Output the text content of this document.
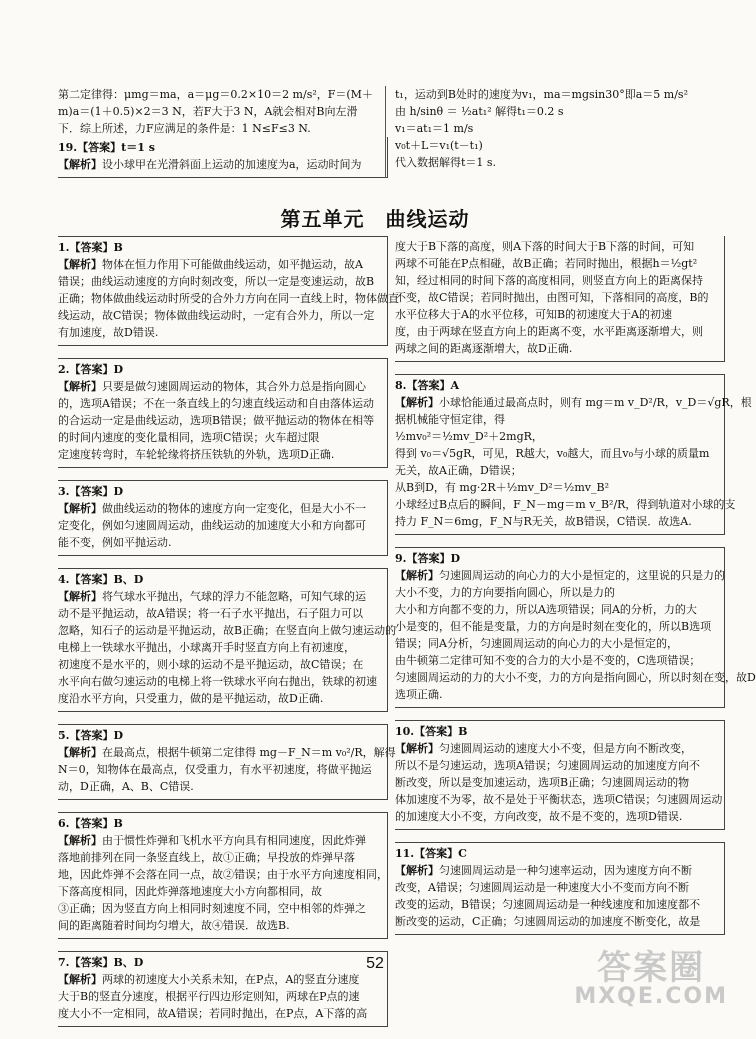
第二定律得：μmg＝ma，a＝μg＝0.2×10＝2 m/s²，F＝(M＋
m)a＝(1＋0.5)×2＝3 N，若F大于3 N，A就会相对B向左滑
下．综上所述，力F应满足的条件是：1 N≤F≤3 N.
19.【答案】t＝1 s
【解析】设小球甲在光滑斜面上运动的加速度为a，运动时间为
t₁，运动到B处时的速度为v₁，ma＝mgsin30°即a＝5 m/s²
由 h/sinθ ＝ ½at₁² 解得t₁＝0.2 s
v₁＝at₁＝1 m/s
v₀t＋L＝v₁(t－t₁)
代入数据解得t＝1 s.
第五单元　曲线运动
1.【答案】B
【解析】物体在恒力作用下可能做曲线运动，如平抛运动，故A
错误；曲线运动速度的方向时刻改变，所以一定是变速运动，故B
正确；物体做曲线运动时所受的合外力方向在同一直线上时，物体做直
线运动，故C错误；物体做曲线运动时，一定有合外力，所以一定
有加速度，故D错误.
2.【答案】D
【解析】只要是做匀速圆周运动的物体，其合外力总是指向圆心
的，选项A错误；不在一条直线上的匀速直线运动和自由落体运动
的合运动一定是曲线运动，选项B错误；做平抛运动的物体在相等
的时间内速度的变化量相同，选项C错误；火车超过限
定速度转弯时，车轮轮缘将挤压铁轨的外轨，选项D正确.
3.【答案】D
【解析】做曲线运动的物体的速度方向一定变化，但是大小不一
定变化，例如匀速圆周运动，曲线运动的加速度大小和方向都可
能不变，例如平抛运动.
4.【答案】B、D
【解析】将气球水平抛出，气球的浮力不能忽略，可知气球的运
动不是平抛运动，故A错误；将一石子水平抛出，石子阻力可以
忽略，知石子的运动是平抛运动，故B正确；在竖直向上做匀速运动的
电梯上一铁球水平抛出，小球离开手时竖直方向上有初速度，
初速度不是水平的，则小球的运动不是平抛运动，故C错误；在
水平向右做匀速运动的电梯上将一铁球水平向右抛出，铁球的初速
度沿水平方向，只受重力，做的是平抛运动，故D正确.
5.【答案】D
【解析】在最高点，根据牛顿第二定律得 mg－F_N＝m v₀²/R，解得
N＝0，知物体在最高点，仅受重力，有水平初速度，将做平抛运
动，D正确，A、B、C错误.
6.【答案】B
【解析】由于惯性炸弹和飞机水平方向具有相同速度，因此炸弹
落地前排列在同一条竖直线上，故①正确；早投放的炸弹早落
地，因此炸弹不会落在同一点，故②错误；由于水平方向速度相同，
下落高度相同，因此炸弹落地速度大小方向都相同，故
③正确；因为竖直方向上相同时刻速度不同，空中相邻的炸弹之
间的距离随着时间均匀增大，故④错误．故选B.
7.【答案】B、D
【解析】两球的初速度大小关系未知，在P点，A的竖直分速度
大于B的竖直分速度，根据平行四边形定则知，两球在P点的速
度大小不一定相同，故A错误；若同时抛出，在P点，A下落的高
度大于B下落的高度，则A下落的时间大于B下落的时间，可知
两球不可能在P点相碰，故B正确；若同时抛出，根据h＝½gt²
知，经过相同的时间下落的高度相同，则竖直方向上的距离保持
不变，故C错误；若同时抛出，由图可知，下落相同的高度，B的
水平位移大于A的水平位移，可知B的初速度大于A的初速
度，由于两球在竖直方向上的距离不变，水平距离逐渐增大，则
两球之间的距离逐渐增大，故D正确.
8.【答案】A
【解析】小球恰能通过最高点时，则有 mg＝m v_D²/R，v_D＝√gR，根
据机械能守恒定律，得
½mv₀²＝½mv_D²＋2mgR，
得到 v₀＝√5gR，可见，R越大，v₀越大，而且v₀与小球的质量m
无关，故A正确，D错误；
从B到D，有 mg·2R＋½mv_D²＝½mv_B²
小球经过B点后的瞬间，F_N－mg＝m v_B²/R，得到轨道对小球的支
持力 F_N＝6mg，F_N与R无关，故B错误，C错误．故选A.
9.【答案】D
【解析】匀速圆周运动的向心力的大小是恒定的，这里说的只是力的
大小不变，力的方向要指向圆心，所以是力的
大小和方向都不变的力，所以A选项错误；同A的分析，力的大
小是变的，但不能是变量，力的方向是时刻在变化的，所以B选项
错误；同A分析，匀速圆周运动的向心力的大小是恒定的，
由牛顿第二定律可知不变的合力的大小是不变的，C选项错误；
匀速圆周运动的力的大小不变，力的方向是指向圆心，所以时刻在变，故D
选项正确.
10.【答案】B
【解析】匀速圆周运动的速度大小不变，但是方向不断改变，
所以不是匀速运动，选项A错误；匀速圆周运动的加速度方向不
断改变，所以是变加速运动，选项B正确；匀速圆周运动的物
体加速度不为零，故不是处于平衡状态，选项C错误；匀速圆周运动
的加速度大小不变，方向改变，故不是不变的，选项D错误.
11.【答案】C
【解析】匀速圆周运动是一种匀速率运动，因为速度方向不断
改变，A错误；匀速圆周运动是一种速度大小不变而方向不断
改变的运动，B错误；匀速圆周运动是一种线速度和加速度都不
断改变的运动，C正确；匀速圆周运动的加速度不断变化，故是
52	答案圈
MXQE.COM
